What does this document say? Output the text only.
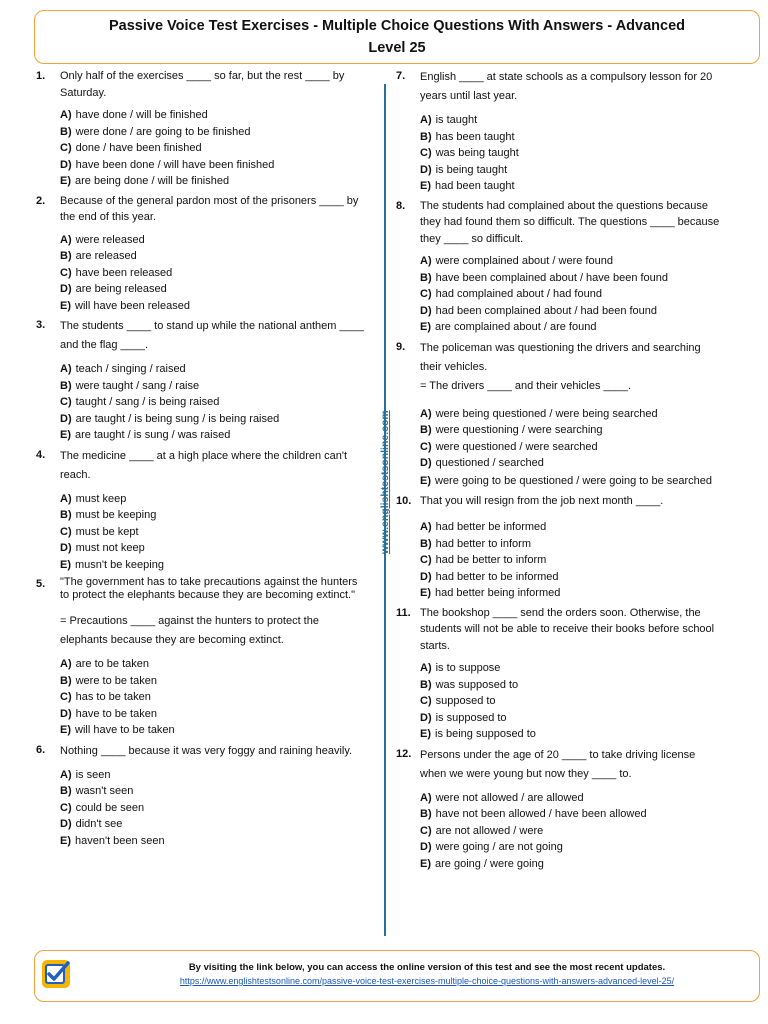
Passive Voice Test Exercises - Multiple Choice Questions With Answers - Advanced
Level 25
www.englishtestsonline.com
1.	Only half of the exercises ____ so far, but the rest ____ by Saturday.
A) have done / will be finished
B) were done / are going to be finished
C) done / have been finished
D) have been done / will have been finished
E) are being done / will be finished
2.	Because of the general pardon most of the prisoners ____ by the end of this year.
A) were released
B) are released
C) have been released
D) are being released
E) will have been released
3.	The students ____ to stand up while the national anthem ____ and the flag ____.
A) teach / singing / raised
B) were taught / sang / raise
C) taught / sang / is being raised
D) are taught / is being sung / is being raised
E) are taught / is sung / was raised
4.	The medicine ____ at a high place where the children can't reach.
A) must keep
B) must be keeping
C) must be kept
D) must not keep
E) musn't be keeping
5.	"The government has to take precautions against the hunters to protect the elephants because they are becoming extinct."
= Precautions ____ against the hunters to protect the elephants because they are becoming extinct.
A) are to be taken
B) were to be taken
C) has to be taken
D) have to be taken
E) will have to be taken
6.	Nothing ____ because it was very foggy and raining heavily.
A) is seen
B) wasn't seen
C) could be seen
D) didn't see
E) haven't been seen
7.	English ____ at state schools as a compulsory lesson for 20 years until last year.
A) is taught
B) has been taught
C) was being taught
D) is being taught
E) had been taught
8.	The students had complained about the questions because they had found them so difficult. The questions ____ because they ____ so difficult.
A) were complained about / were found
B) have been complained about / have been found
C) had complained about / had found
D) had been complained about / had been found
E) are complained about / are found
9.	The policeman was questioning the drivers and searching their vehicles.
= The drivers ____ and their vehicles ____.
A) were being questioned / were being searched
B) were questioning / were searching
C) were questioned / were searched
D) questioned / searched
E) were going to be questioned / were going to be searched
10. That you will resign from the job next month ____.
A) had better be informed
B) had better to inform
C) had be better to inform
D) had better to be informed
E) had better being informed
11. The bookshop ____ send the orders soon. Otherwise, the students will not be able to receive their books before school starts.
A) is to suppose
B) was supposed to
C) supposed to
D) is supposed to
E) is being supposed to
12. Persons under the age of 20 ____ to take driving license when we were young but now they ____ to.
A) were not allowed / are allowed
B) have not been allowed / have been allowed
C) are not allowed / were
D) were going / are not going
E) are going / were going
By visiting the link below, you can access the online version of this test and see the most recent updates.
https://www.englishtestsonline.com/passive-voice-test-exercises-multiple-choice-questions-with-answers-advanced-level-25/
